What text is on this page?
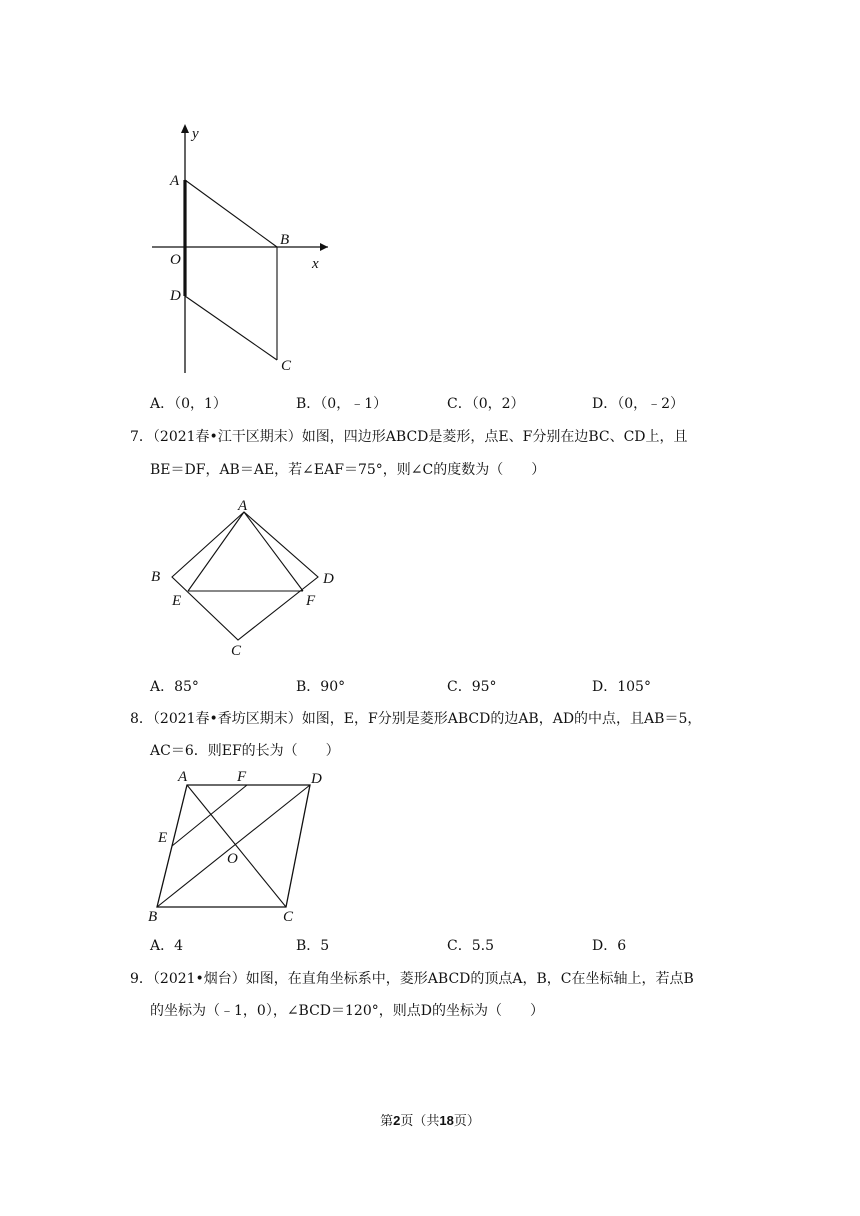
y
x
A
B
O
D
C
A．（0，1）	B．（0，﹣1）	C．（0，2）	D．（0，﹣2）
7．（2021春•江干区期末）如图，四边形ABCD是菱形，点E、F分别在边BC、CD上，且
BE＝DF，AB＝AE，若∠EAF＝75°，则∠C的度数为（　　）
A
B	D
E	F
C
A．85°	B．90°	C．95°	D．105°
8．（2021春•香坊区期末）如图，E，F分别是菱形ABCD的边AB，AD的中点，且AB＝5，
AC＝6．则EF的长为（　　）
A	F	D
E
O
B	C
A．4	B．5	C．5.5	D．6
9．（2021•烟台）如图，在直角坐标系中，菱形ABCD的顶点A，B，C在坐标轴上，若点B
的坐标为（﹣1，0），∠BCD＝120°，则点D的坐标为（　　）
第2页（共18页）
